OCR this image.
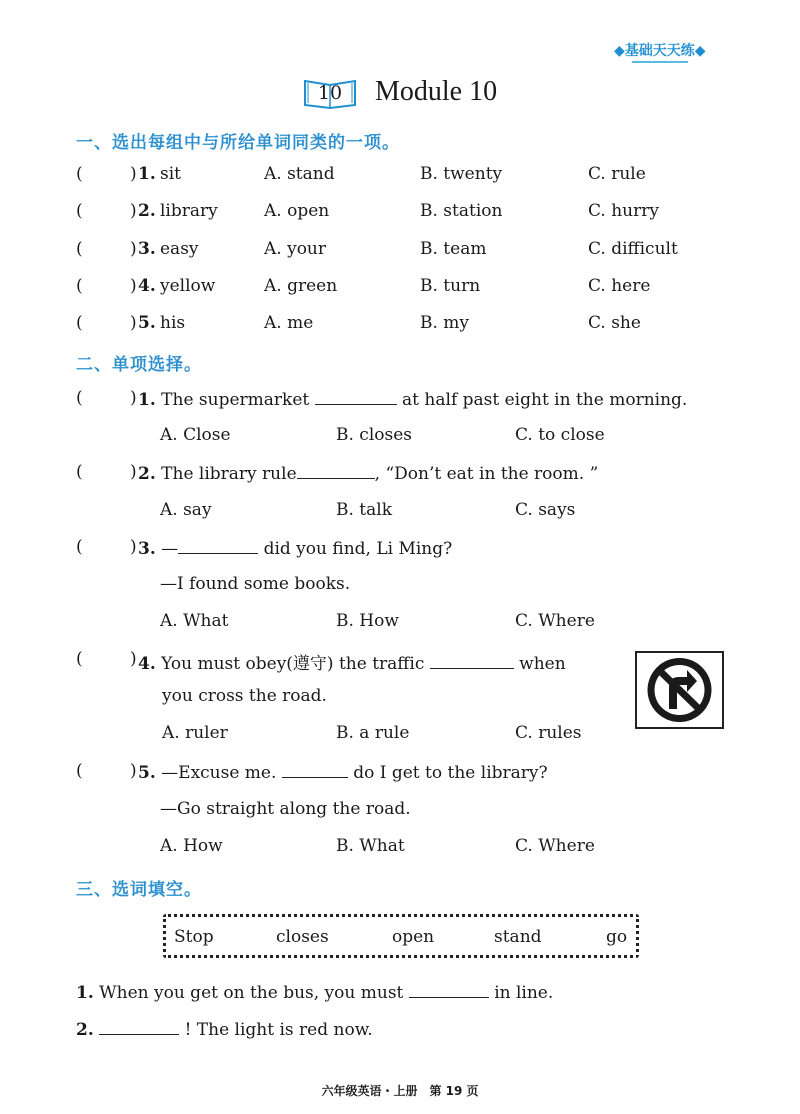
◆基础天天练◆
10 Module 10
一、选出每组中与所给单词同类的一项。
(	) 1. sit	A. stand	B. twenty	C. rule
(	) 2. library	A. open	B. station	C. hurry
(	) 3. easy	A. your	B. team	C. difficult
(	) 4. yellow	A. green	B. turn	C. here
(	) 5. his	A. me	B. my	C. she
二、单项选择。
(	) 1. The supermarket	at half past eight in the morning.
A. Close	B. closes	C. to close
(	) 2. The library rule	, “Don’t eat in the room. ”
A. say	B. talk	C. says
(	) 3. —	did you find, Li Ming?
—I found some books.
A. What	B. How	C. Where
(	) 4. You must obey(遵守) the traffic	when
you cross the road.
A. ruler	B. a rule	C. rules
(	) 5. —Excuse me.	do I get to the library?
—Go straight along the road.
A. How	B. What	C. Where
三、选词填空。
Stop	closes	open	stand	go
1. When you get on the bus, you must	in line.
2.	! The light is red now.
六年级英语・上册　第 19 页
